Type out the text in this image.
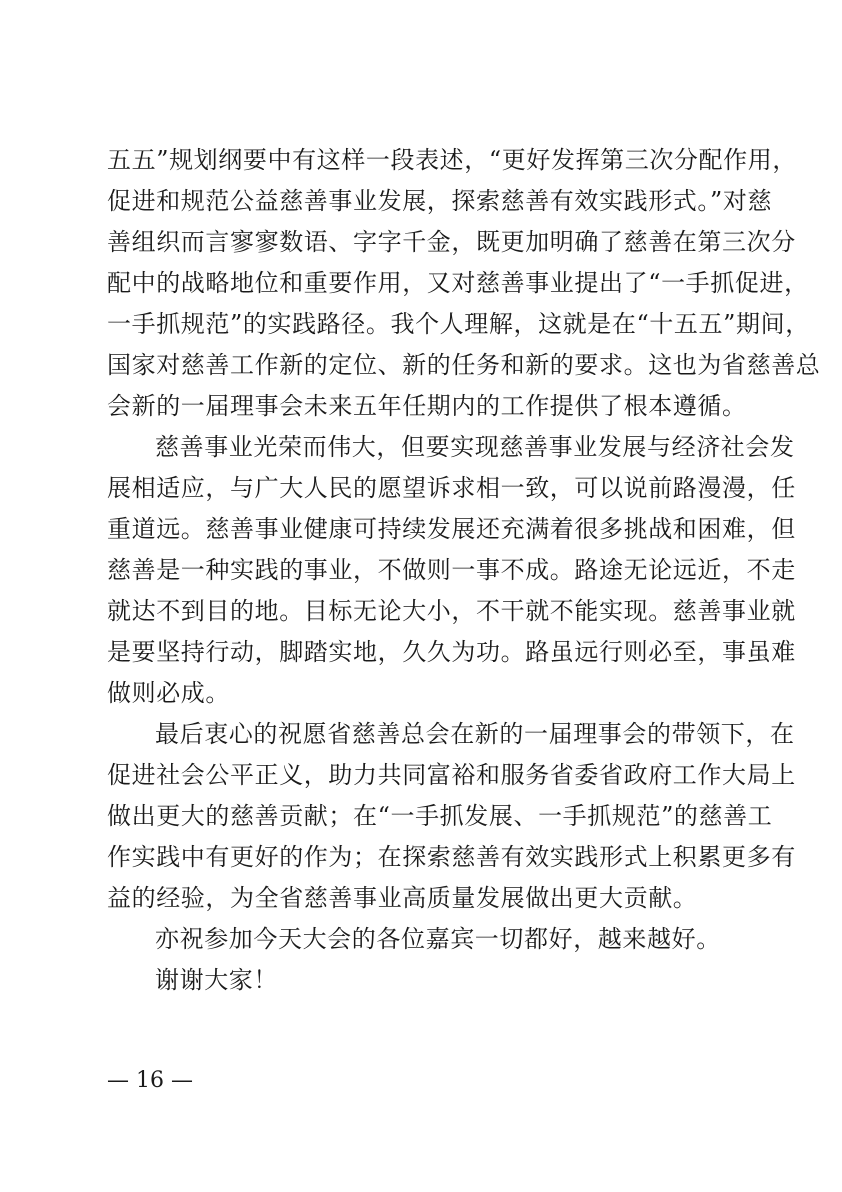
五五”规划纲要中有这样一段表述，“更好发挥第三次分配作用，
促进和规范公益慈善事业发展，探索慈善有效实践形式。”对慈
善组织而言寥寥数语、字字千金，既更加明确了慈善在第三次分
配中的战略地位和重要作用，又对慈善事业提出了“一手抓促进，
一手抓规范”的实践路径。我个人理解，这就是在“十五五”期间，
国家对慈善工作新的定位、新的任务和新的要求。这也为省慈善总
会新的一届理事会未来五年任期内的工作提供了根本遵循。
慈善事业光荣而伟大，但要实现慈善事业发展与经济社会发
展相适应，与广大人民的愿望诉求相一致，可以说前路漫漫，任
重道远。慈善事业健康可持续发展还充满着很多挑战和困难，但
慈善是一种实践的事业，不做则一事不成。路途无论远近，不走
就达不到目的地。目标无论大小，不干就不能实现。慈善事业就
是要坚持行动，脚踏实地，久久为功。路虽远行则必至，事虽难
做则必成。
最后衷心的祝愿省慈善总会在新的一届理事会的带领下，在
促进社会公平正义，助力共同富裕和服务省委省政府工作大局上
做出更大的慈善贡献；在“一手抓发展、一手抓规范”的慈善工
作实践中有更好的作为；在探索慈善有效实践形式上积累更多有
益的经验，为全省慈善事业高质量发展做出更大贡献。
亦祝参加今天大会的各位嘉宾一切都好，越来越好。
谢谢大家！
— 16 —
